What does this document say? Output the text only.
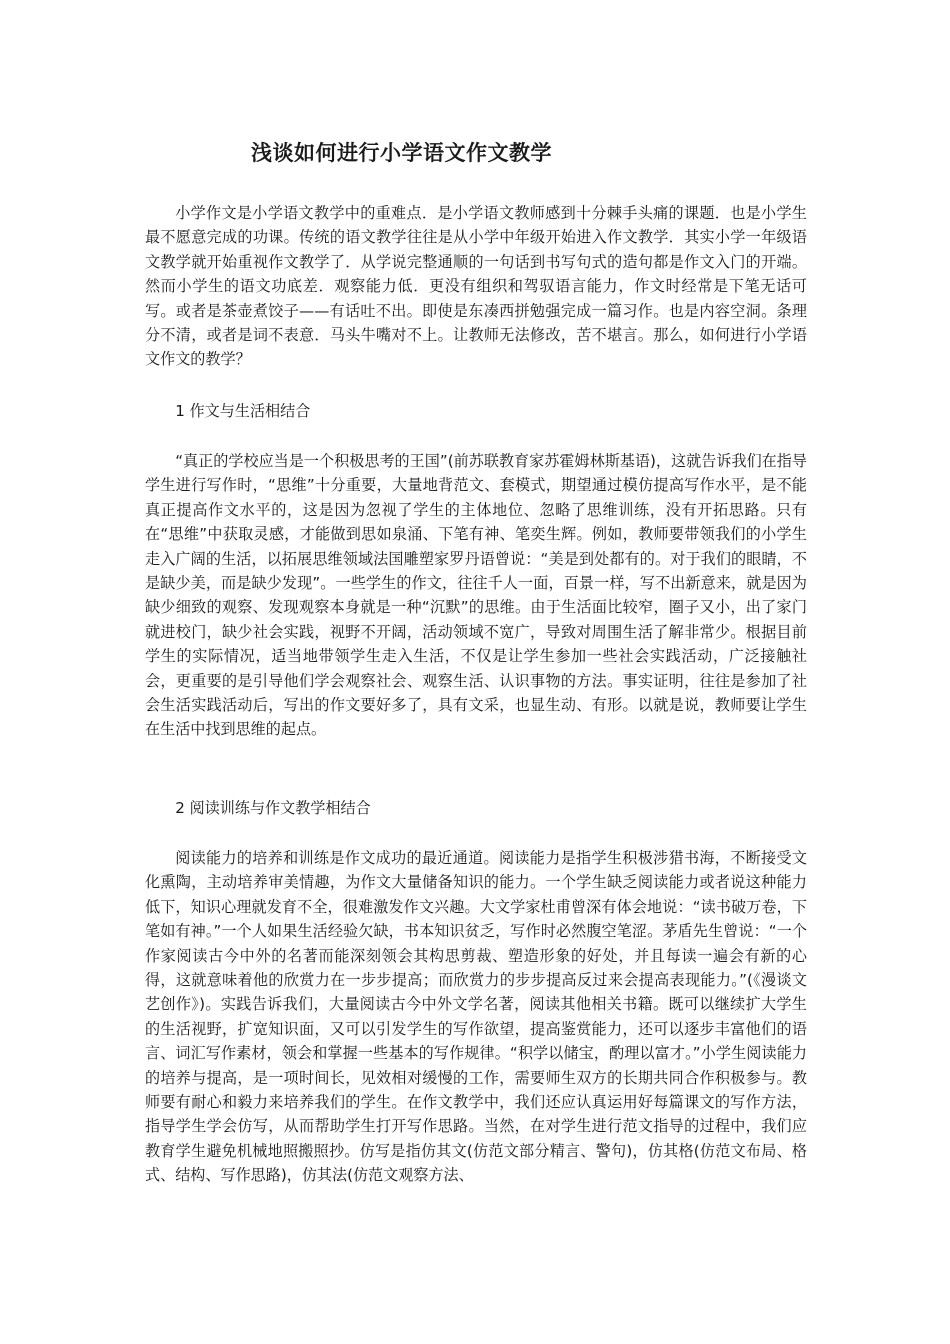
浅谈如何进行小学语文作文教学

小学作文是小学语文教学中的重难点．是小学语文教师感到十分棘手头痛的课题．也是小学生最不愿意完成的功课。传统的语文教学往往是从小学中年级开始进入作文教学．其实小学一年级语文教学就开始重视作文教学了．从学说完整通顺的一句话到书写句式的造句都是作文入门的开端。然而小学生的语文功底差．观察能力低．更没有组织和驾驭语言能力，作文时经常是下笔无话可写。或者是茶壶煮饺子——有话吐不出。即使是东凑西拼勉强完成一篇习作。也是内容空洞。条理分不清，或者是词不表意．马头牛嘴对不上。让教师无法修改，苦不堪言。那么，如何进行小学语文作文的教学？

1 作文与生活相结合

“真正的学校应当是一个积极思考的王国”(前苏联教育家苏霍姆林斯基语)，这就告诉我们在指导学生进行写作时，“思维”十分重要，大量地背范文、套模式，期望通过模仿提高写作水平，是不能真正提高作文水平的，这是因为忽视了学生的主体地位、忽略了思维训练，没有开拓思路。只有在“思维”中获取灵感，才能做到思如泉涌、下笔有神、笔奕生辉。例如，教师要带领我们的小学生走入广阔的生活，以拓展思维领域法国雕塑家罗丹语曾说：“美是到处都有的。对于我们的眼睛，不是缺少美，而是缺少发现”。一些学生的作文，往往千人一面，百景一样，写不出新意来，就是因为缺少细致的观察、发现观察本身就是一种“沉默”的思维。由于生活面比较窄，圈子又小，出了家门就进校门，缺少社会实践，视野不开阔，活动领域不宽广，导致对周围生活了解非常少。根据目前学生的实际情况，适当地带领学生走入生活，不仅是让学生参加一些社会实践活动，广泛接触社会，更重要的是引导他们学会观察社会、观察生活、认识事物的方法。事实证明，往往是参加了社会生活实践活动后，写出的作文要好多了，具有文采，也显生动、有形。以就是说，教师要让学生在生活中找到思维的起点。

2 阅读训练与作文教学相结合

阅读能力的培养和训练是作文成功的最近通道。阅读能力是指学生积极涉猎书海，不断接受文化熏陶，主动培养审美情趣，为作文大量储备知识的能力。一个学生缺乏阅读能力或者说这种能力低下，知识心理就发育不全，很难激发作文兴趣。大文学家杜甫曾深有体会地说：“读书破万卷，下笔如有神。”一个人如果生活经验欠缺，书本知识贫乏，写作时必然腹空笔涩。茅盾先生曾说：“一个作家阅读古今中外的名著而能深刻领会其构思剪裁、塑造形象的好处，并且每读一遍会有新的心得，这就意味着他的欣赏力在一步步提高；而欣赏力的步步提高反过来会提高表现能力。”(《漫谈文艺创作》)。实践告诉我们，大量阅读古今中外文学名著，阅读其他相关书籍。既可以继续扩大学生的生活视野，扩宽知识面，又可以引发学生的写作欲望，提高鉴赏能力，还可以逐步丰富他们的语言、词汇写作素材，领会和掌握一些基本的写作规律。“积学以储宝，酌理以富才。”小学生阅读能力的培养与提高，是一项时间长，见效相对缓慢的工作，需要师生双方的长期共同合作积极参与。教师要有耐心和毅力来培养我们的学生。在作文教学中，我们还应认真运用好每篇课文的写作方法，指导学生学会仿写，从而帮助学生打开写作思路。当然，在对学生进行范文指导的过程中，我们应教育学生避免机械地照搬照抄。仿写是指仿其文(仿范文部分精言、警句)，仿其格(仿范文布局、格式、结构、写作思路)，仿其法(仿范文观察方法、
